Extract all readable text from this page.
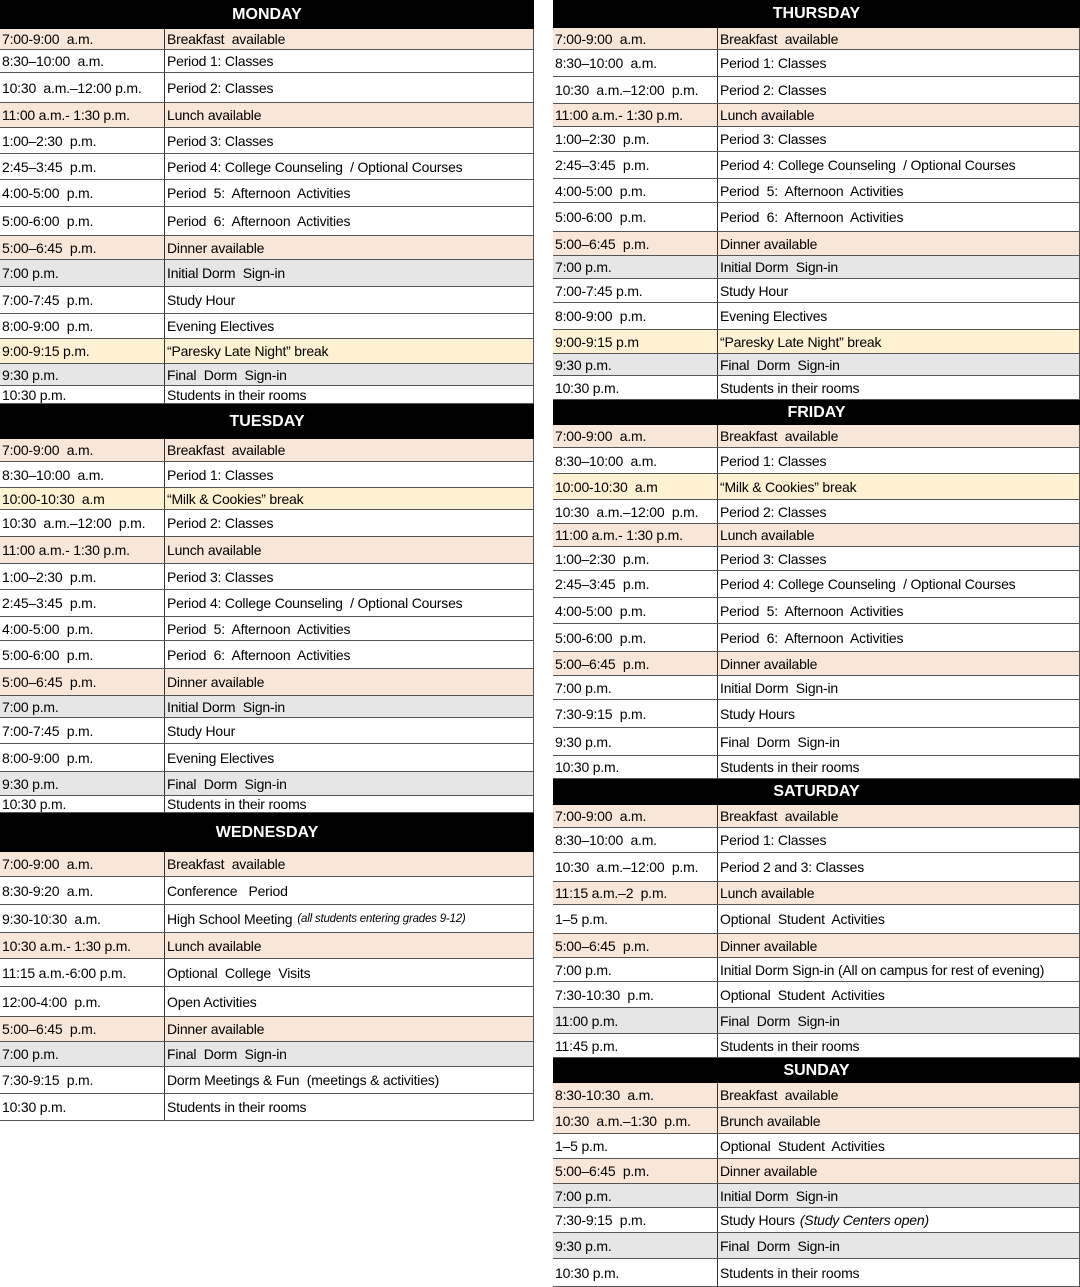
MONDAY
7:00-9:00  a.m.	Breakfast  available
8:30–10:00  a.m.	Period 1: Classes
10:30  a.m.–12:00 p.m.	Period 2: Classes
11:00 a.m.- 1:30 p.m.	Lunch available
1:00–2:30  p.m.	Period 3: Classes
2:45–3:45  p.m.	Period 4: College Counseling  / Optional Courses
4:00-5:00  p.m.	Period  5:  Afternoon  Activities
5:00-6:00  p.m.	Period  6:  Afternoon  Activities
5:00–6:45  p.m.	Dinner available
7:00 p.m.	Initial Dorm  Sign-in
7:00-7:45  p.m.	Study Hour
8:00-9:00  p.m.	Evening Electives
9:00-9:15 p.m.	“Paresky Late Night” break
9:30 p.m.	Final  Dorm  Sign-in
10:30 p.m.	Students in their rooms
TUESDAY
7:00-9:00  a.m.	Breakfast  available
8:30–10:00  a.m.	Period 1: Classes
10:00-10:30  a.m	“Milk & Cookies” break
10:30  a.m.–12:00  p.m.	Period 2: Classes
11:00 a.m.- 1:30 p.m.	Lunch available
1:00–2:30  p.m.	Period 3: Classes
2:45–3:45  p.m.	Period 4: College Counseling  / Optional Courses
4:00-5:00  p.m.	Period  5:  Afternoon  Activities
5:00-6:00  p.m.	Period  6:  Afternoon  Activities
5:00–6:45  p.m.	Dinner available
7:00 p.m.	Initial Dorm  Sign-in
7:00-7:45  p.m.	Study Hour
8:00-9:00  p.m.	Evening Electives
9:30 p.m.	Final  Dorm  Sign-in
10:30 p.m.	Students in their rooms
WEDNESDAY
7:00-9:00  a.m.	Breakfast  available
8:30-9:20  a.m.	Conference   Period
9:30-10:30  a.m.	High School Meeting (all students entering grades 9-12)
10:30 a.m.- 1:30 p.m.	Lunch available
11:15 a.m.-6:00 p.m.	Optional  College  Visits
12:00-4:00  p.m.	Open Activities
5:00–6:45  p.m.	Dinner available
7:00 p.m.	Final  Dorm  Sign-in
7:30-9:15  p.m.	Dorm Meetings & Fun  (meetings & activities)
10:30 p.m.	Students in their rooms
THURSDAY
7:00-9:00  a.m.	Breakfast  available
8:30–10:00  a.m.	Period 1: Classes
10:30  a.m.–12:00  p.m.	Period 2: Classes
11:00 a.m.- 1:30 p.m.	Lunch available
1:00–2:30  p.m.	Period 3: Classes
2:45–3:45  p.m.	Period 4: College Counseling  / Optional Courses
4:00-5:00  p.m.	Period  5:  Afternoon  Activities
5:00-6:00  p.m.	Period  6:  Afternoon  Activities
5:00–6:45  p.m.	Dinner available
7:00 p.m.	Initial Dorm  Sign-in
7:00-7:45 p.m.	Study Hour
8:00-9:00  p.m.	Evening Electives
9:00-9:15 p.m	“Paresky Late Night” break
9:30 p.m.	Final  Dorm  Sign-in
10:30 p.m.	Students in their rooms
FRIDAY
7:00-9:00  a.m.	Breakfast  available
8:30–10:00  a.m.	Period 1: Classes
10:00-10:30  a.m	“Milk & Cookies” break
10:30  a.m.–12:00  p.m.	Period 2: Classes
11:00 a.m.- 1:30 p.m.	Lunch available
1:00–2:30  p.m.	Period 3: Classes
2:45–3:45  p.m.	Period 4: College Counseling  / Optional Courses
4:00-5:00  p.m.	Period  5:  Afternoon  Activities
5:00-6:00  p.m.	Period  6:  Afternoon  Activities
5:00–6:45  p.m.	Dinner available
7:00 p.m.	Initial Dorm  Sign-in
7:30-9:15  p.m.	Study Hours
9:30 p.m.	Final  Dorm  Sign-in
10:30 p.m.	Students in their rooms
SATURDAY
7:00-9:00  a.m.	Breakfast  available
8:30–10:00  a.m.	Period 1: Classes
10:30  a.m.–12:00  p.m.	Period 2 and 3: Classes
11:15 a.m.–2  p.m.	Lunch available
1–5 p.m.	Optional  Student  Activities
5:00–6:45  p.m.	Dinner available
7:00 p.m.	Initial Dorm Sign-in (All on campus for rest of evening)
7:30-10:30  p.m.	Optional  Student  Activities
11:00 p.m.	Final  Dorm  Sign-in
11:45 p.m.	Students in their rooms
SUNDAY
8:30-10:30  a.m.	Breakfast  available
10:30  a.m.–1:30  p.m.	Brunch available
1–5 p.m.	Optional  Student  Activities
5:00–6:45  p.m.	Dinner available
7:00 p.m.	Initial Dorm  Sign-in
7:30-9:15  p.m.	Study Hours (Study Centers open)
9:30 p.m.	Final  Dorm  Sign-in
10:30 p.m.	Students in their rooms
